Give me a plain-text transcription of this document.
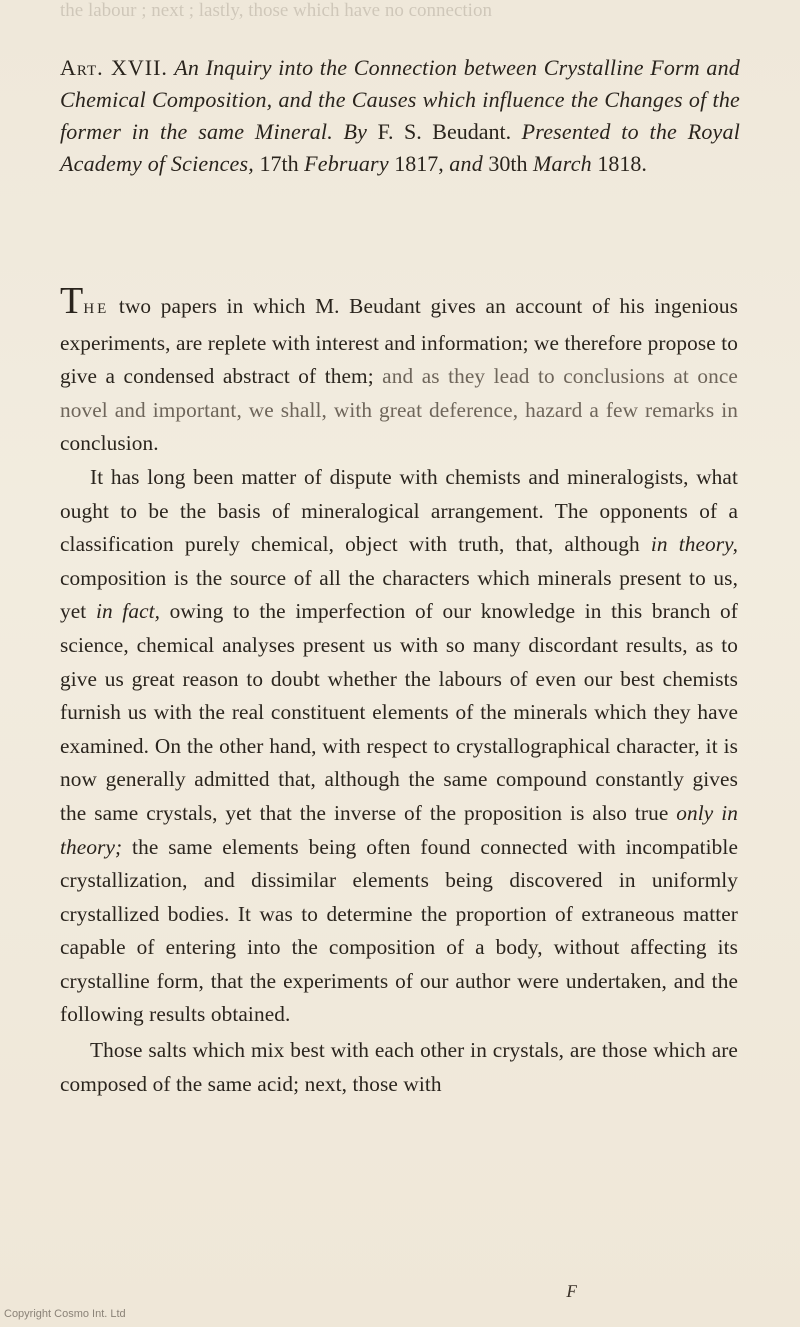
the labour ; next ; lastly, those which have no connection
Art. XVII. An Inquiry into the Connection between Crystalline Form and Chemical Composition, and the Causes which influence the Changes of the former in the same Mineral. By F. S. Beudant. Presented to the Royal Academy of Sciences, 17th February 1817, and 30th March 1818.

THE two papers in which M. Beudant gives an account of his ingenious experiments, are replete with interest and information; we therefore propose to give a condensed abstract of them; and as they lead to conclusions at once novel and important, we shall, with great deference, hazard a few remarks in conclusion.

It has long been matter of dispute with chemists and mineralogists, what ought to be the basis of mineralogical arrangement. The opponents of a classification purely chemical, object with truth, that, although in theory, composition is the source of all the characters which minerals present to us, yet in fact, owing to the imperfection of our knowledge in this branch of science, chemical analyses present us with so many discordant results, as to give us great reason to doubt whether the labours of even our best chemists furnish us with the real constituent elements of the minerals which they have examined. On the other hand, with respect to crystallographical character, it is now generally admitted that, although the same compound constantly gives the same crystals, yet that the inverse of the proposition is also true only in theory; the same elements being often found connected with incompatible crystallization, and dissimilar elements being discovered in uniformly crystallized bodies. It was to determine the proportion of extraneous matter capable of entering into the composition of a body, without affecting its crystalline form, that the experiments of our author were undertaken, and the following results obtained.

Those salts which mix best with each other in crystals, are those which are composed of the same acid; next, those with

F
Copyright Cosmo Int. Ltd
